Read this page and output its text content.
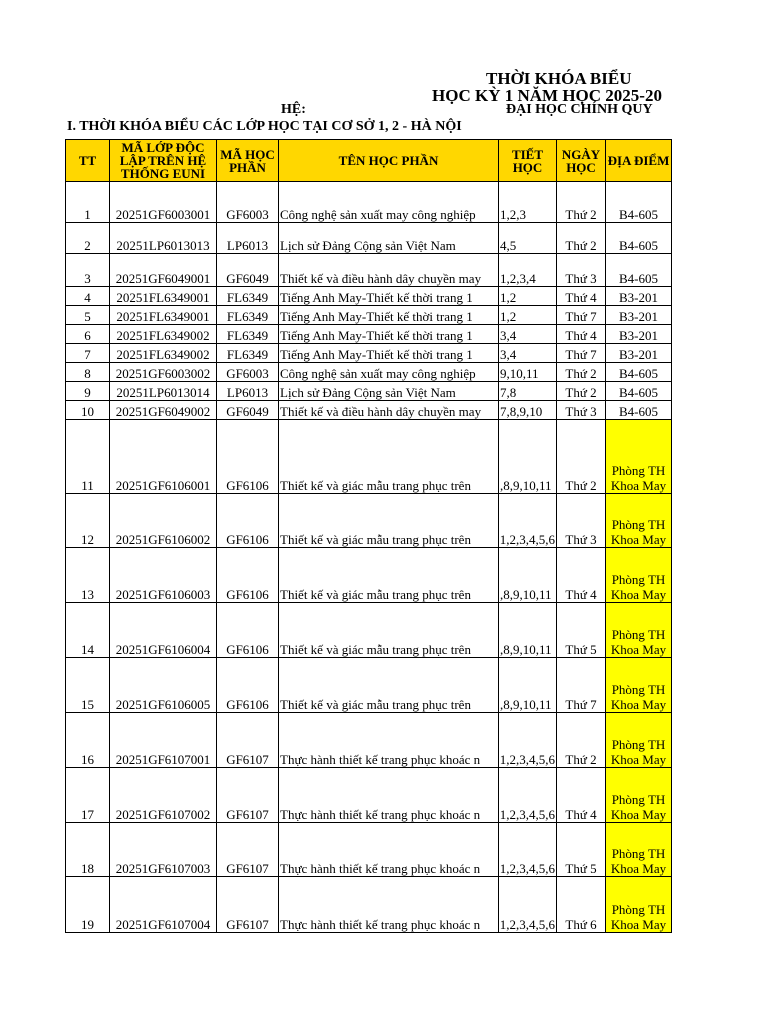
THỜI KHÓA BIỂU
HỌC KỲ 1 NĂM HỌC 2025-20
HỆ:	ĐẠI HỌC CHÍNH QUY
I. THỜI KHÓA BIỂU CÁC LỚP HỌC TẠI CƠ SỞ 1, 2 - HÀ NỘI
TT	MÃ LỚP ĐỘC LẬP TRÊN HỆ THỐNG EUNI	MÃ HỌC PHẦN	TÊN HỌC PHẦN	TIẾT HỌC	NGÀY HỌC	ĐỊA ĐIỂM
1	20251GF6003001	GF6003	Công nghệ sản xuất may công nghiệp	1,2,3	Thứ 2	B4-605
2	20251LP6013013	LP6013	Lịch sử Đảng Cộng sản Việt Nam	4,5	Thứ 2	B4-605
3	20251GF6049001	GF6049	Thiết kế và điều hành dây chuyền may	1,2,3,4	Thứ 3	B4-605
4	20251FL6349001	FL6349	Tiếng Anh May-Thiết kế thời trang 1	1,2	Thứ 4	B3-201
5	20251FL6349001	FL6349	Tiếng Anh May-Thiết kế thời trang 1	1,2	Thứ 7	B3-201
6	20251FL6349002	FL6349	Tiếng Anh May-Thiết kế thời trang 1	3,4	Thứ 4	B3-201
7	20251FL6349002	FL6349	Tiếng Anh May-Thiết kế thời trang 1	3,4	Thứ 7	B3-201
8	20251GF6003002	GF6003	Công nghệ sản xuất may công nghiệp	9,10,11	Thứ 2	B4-605
9	20251LP6013014	LP6013	Lịch sử Đảng Cộng sản Việt Nam	7,8	Thứ 2	B4-605
10	20251GF6049002	GF6049	Thiết kế và điều hành dây chuyền may	7,8,9,10	Thứ 3	B4-605
11	20251GF6106001	GF6106	Thiết kế và giác mẫu trang phục trên	8,9,10,11,	Thứ 2	Phòng TH Khoa May
12	20251GF6106002	GF6106	Thiết kế và giác mẫu trang phục trên	1,2,3,4,5,6	Thứ 3	Phòng TH Khoa May
13	20251GF6106003	GF6106	Thiết kế và giác mẫu trang phục trên	8,9,10,11,	Thứ 4	Phòng TH Khoa May
14	20251GF6106004	GF6106	Thiết kế và giác mẫu trang phục trên	8,9,10,11,	Thứ 5	Phòng TH Khoa May
15	20251GF6106005	GF6106	Thiết kế và giác mẫu trang phục trên	8,9,10,11,	Thứ 7	Phòng TH Khoa May
16	20251GF6107001	GF6107	Thực hành thiết kế trang phục khoác n	1,2,3,4,5,6	Thứ 2	Phòng TH Khoa May
17	20251GF6107002	GF6107	Thực hành thiết kế trang phục khoác n	1,2,3,4,5,6	Thứ 4	Phòng TH Khoa May
18	20251GF6107003	GF6107	Thực hành thiết kế trang phục khoác n	1,2,3,4,5,6	Thứ 5	Phòng TH Khoa May
19	20251GF6107004	GF6107	Thực hành thiết kế trang phục khoác n	1,2,3,4,5,6	Thứ 6	Phòng TH Khoa May
